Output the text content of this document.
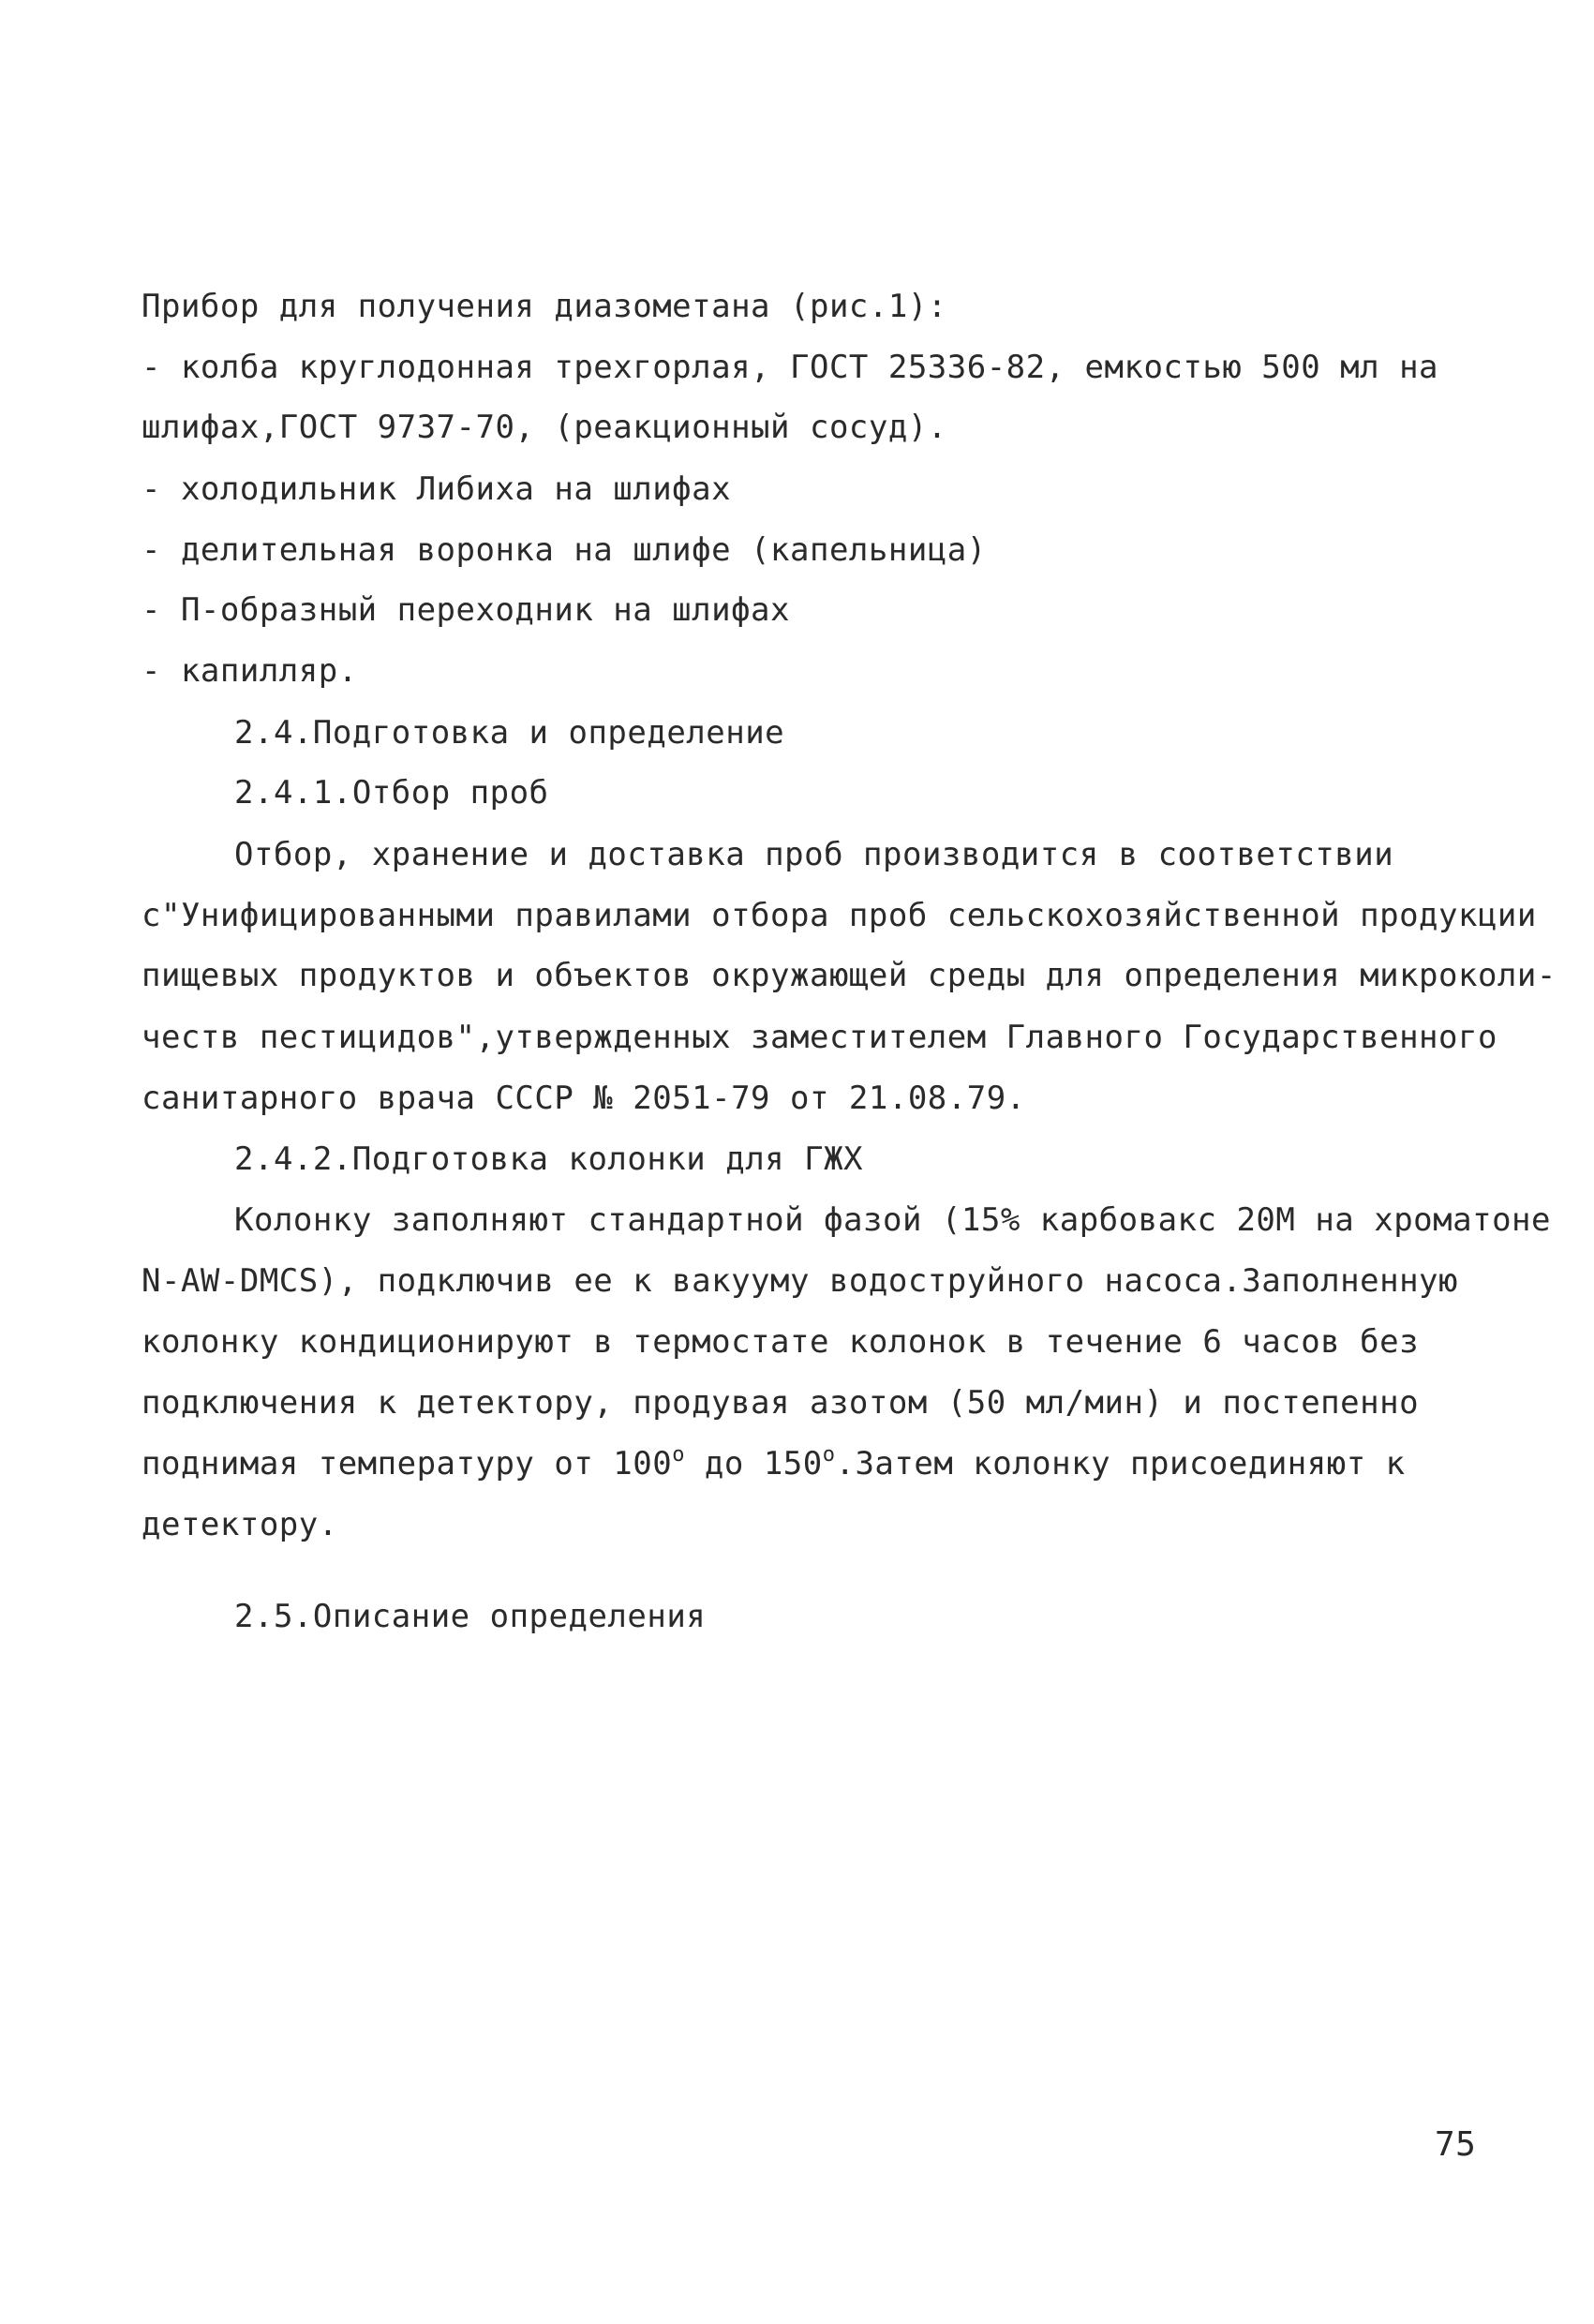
Прибор для получения диазометана (рис.1):
- колба круглодонная трехгорлая, ГОСТ 25336-82, емкостью 500 мл на
шлифах,ГОСТ 9737-70, (реакционный сосуд).
- холодильник Либиха на шлифах
- делительная воронка на шлифе (капельница)
- П-образный переходник на шлифах
- капилляр.
2.4.Подготовка и определение
2.4.1.Отбор проб
Отбор, хранение и доставка проб производится в соответствии
с"Унифицированными правилами отбора проб сельскохозяйственной продукции
пищевых продуктов и объектов окружающей среды для определения микроколи-
честв пестицидов",утвержденных заместителем Главного Государственного
санитарного врача СССР № 2051-79 от 21.08.79.
2.4.2.Подготовка колонки для ГЖХ
Колонку заполняют стандартной фазой (15% карбовакс 20М на хроматоне
N-AW-DMCS), подключив ее к вакууму водоструйного насоса.Заполненную
колонку кондиционируют в термостате колонок в течение 6 часов без
подключения к детектору, продувая азотом (50 мл/мин) и постепенно
поднимая температуру от $100^о$ до $150^о.Затем$ колонку присоединяют к
детектору.
2.5.Описание определения
75
